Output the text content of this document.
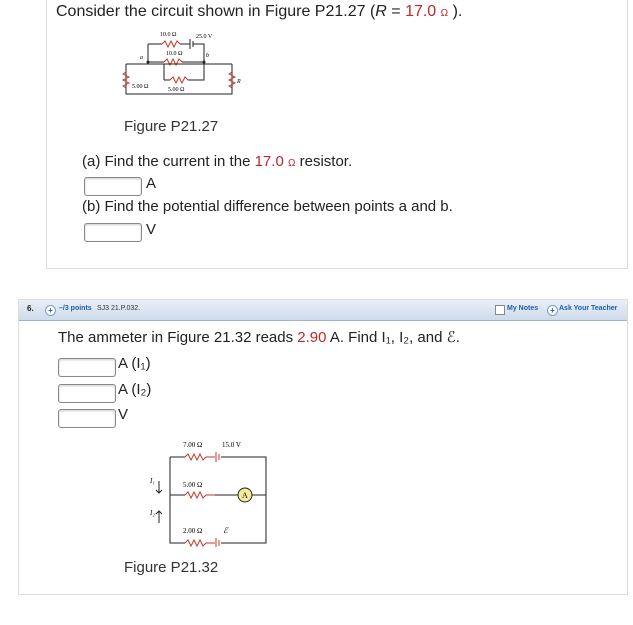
Consider the circuit shown in Figure P21.27 (R = 17.0 Ω ).
10.0 Ω	25.0 V
10.0 Ω
a	b
5.00 Ω	5.00 Ω
R
Figure P21.27
(a) Find the current in the 17.0 Ω resistor.
A
(b) Find the potential difference between points a and b.
V
6.	+ –/3 points SJ3 21.P.032.	My Notes	+ Ask Your Teacher
The ammeter in Figure 21.32 reads 2.90 A. Find I₁, I₂, and ℰ.
A (I₁)
A (I₂)
V
A
7.00 Ω	15.0 V
5.00 Ω
2.00 Ω	ℰ
I₁
I₂
Figure P21.32
